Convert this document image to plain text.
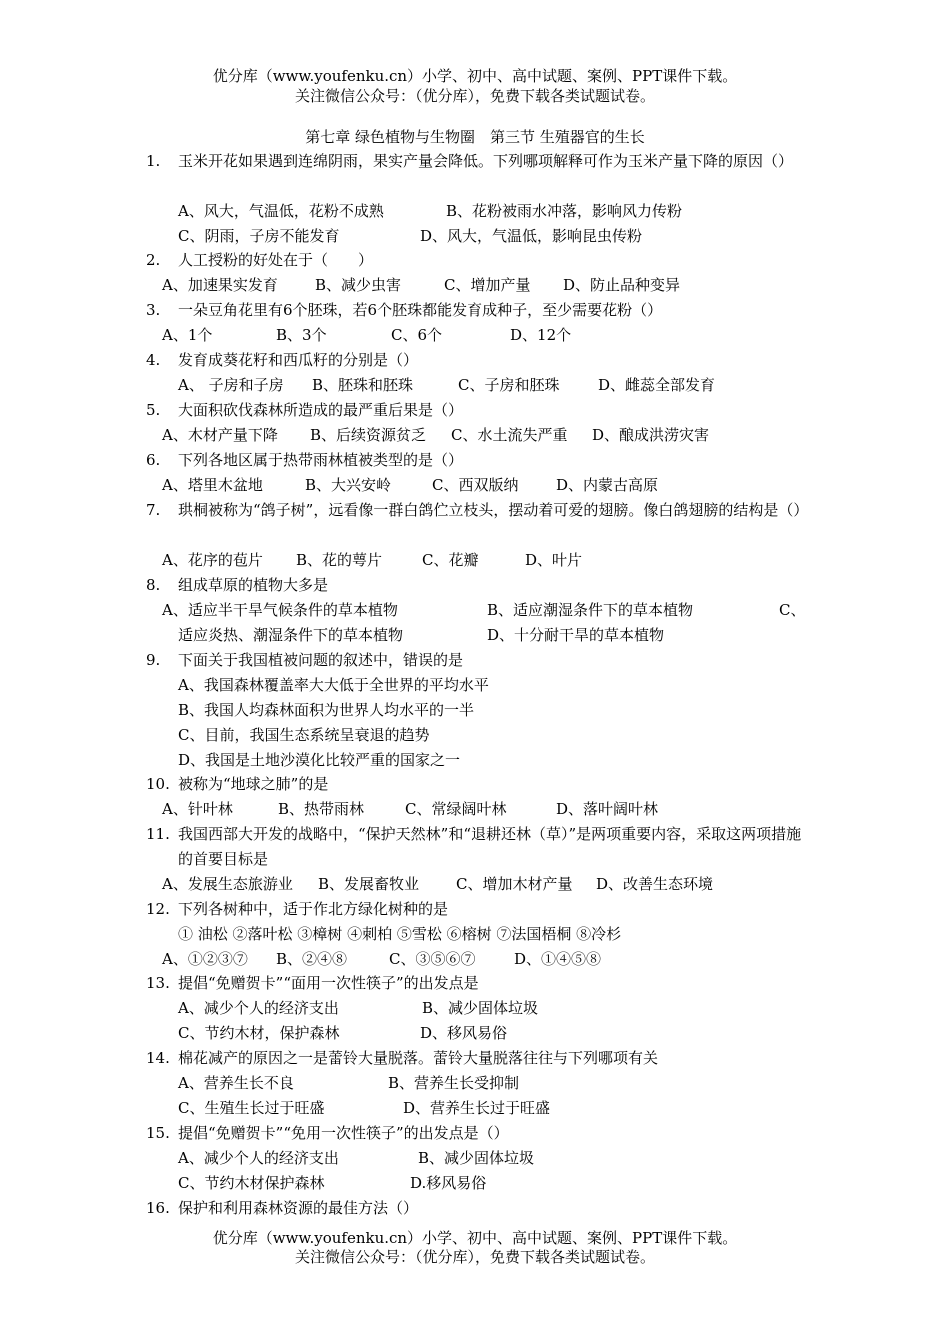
优分库（www.youfenku.cn）小学、初中、高中试题、案例、PPT课件下载。
关注微信公众号：（优分库），免费下载各类试题试卷。
第七章 绿色植物与生物圈　第三节 生殖器官的生长
1.	玉米开花如果遇到连绵阴雨，果实产量会降低。下列哪项解释可作为玉米产量下降的原因（）
A、风大，气温低，花粉不成熟	B、花粉被雨水冲落，影响风力传粉
C、阴雨，子房不能发育	D、风大，气温低，影响昆虫传粉
2.	人工授粉的好处在于（　　）
A、加速果实发育 B、减少虫害	C、增加产量 D、防止品种变异
3.	一朵豆角花里有6个胚珠，若6个胚珠都能发育成种子，至少需要花粉（）
A、1个	B、3个	C、6个	D、12个
4.	发育成葵花籽和西瓜籽的分别是（）
A、 子房和子房 B、胚珠和胚珠	C、子房和胚珠	D、雌蕊全部发育
5.	大面积砍伐森林所造成的最严重后果是（）
A、木材产量下降 B、后续资源贫乏 C、水土流失严重 D、酿成洪涝灾害
6.	下列各地区属于热带雨林植被类型的是（）
A、塔里木盆地	B、大兴安岭	C、西双版纳	D、内蒙古高原
7.	珙桐被称为“鸽子树”，远看像一群白鸽伫立枝头，摆动着可爱的翅膀。像白鸽翅膀的结构是（）
A、花序的苞片 B、花的萼片	C、花瓣	D、叶片
8.	组成草原的植物大多是
A、适应半干旱气候条件的草本植物	B、适应潮湿条件下的草本植物	C、
适应炎热、潮湿条件下的草本植物	D、十分耐干旱的草本植物
9.	下面关于我国植被问题的叙述中，错误的是
A、我国森林覆盖率大大低于全世界的平均水平
B、我国人均森林面积为世界人均水平的一半
C、目前，我国生态系统呈衰退的趋势
D、我国是土地沙漠化比较严重的国家之一
10. 被称为“地球之肺”的是
A、针叶林	B、热带雨林	C、常绿阔叶林	D、落叶阔叶林
11. 我国西部大开发的战略中，“保护天然林”和“退耕还林（草）”是两项重要内容，采取这两项措施的首要目标是
A、发展生态旅游业 B、发展畜牧业 C、增加木材产量 D、改善生态环境
12. 下列各树种中，适于作北方绿化树种的是
① 油松 ②落叶松 ③樟树 ④刺柏 ⑤雪松 ⑥榕树 ⑦法国梧桐 ⑧冷杉
A、①②③⑦ B、②④⑧	C、③⑤⑥⑦	D、①④⑤⑧
13. 提倡“免赠贺卡”“面用一次性筷子”的出发点是
A、减少个人的经济支出	B、减少固体垃圾
C、节约木材，保护森林	D、移风易俗
14. 棉花减产的原因之一是蕾铃大量脱落。蕾铃大量脱落往往与下列哪项有关
A、营养生长不良	B、营养生长受抑制
C、生殖生长过于旺盛	D、营养生长过于旺盛
15. 提倡“免赠贺卡”“免用一次性筷子”的出发点是（）
A、减少个人的经济支出	B、减少固体垃圾
C、节约木材保护森林	D.移风易俗
16. 保护和利用森林资源的最佳方法（）
优分库（www.youfenku.cn）小学、初中、高中试题、案例、PPT课件下载。
关注微信公众号：（优分库），免费下载各类试题试卷。
